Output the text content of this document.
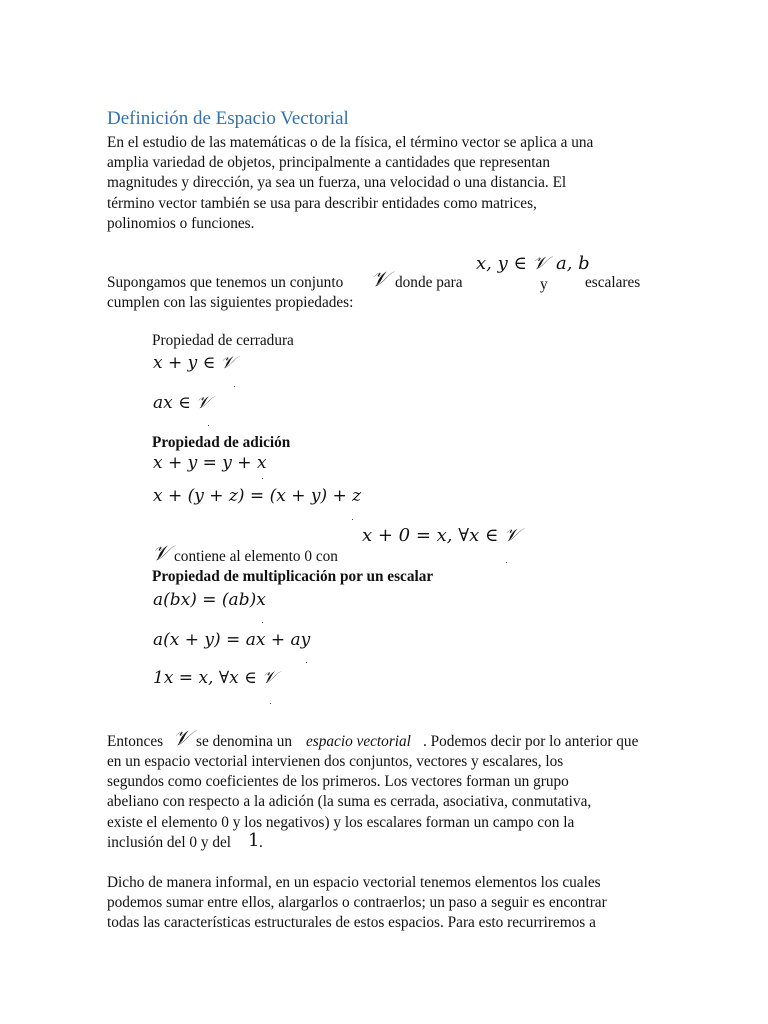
Definición de Espacio Vectorial
En el estudio de las matemáticas o de la física, el término vector se aplica a una
amplia variedad de objetos, principalmente a cantidades que representan
magnitudes y dirección, ya sea un fuerza, una velocidad o una distancia. El
término vector también se usa para describir entidades como matrices,
polinomios o funciones.
Supongamos que tenemos un conjunto 𝒱 donde para
x, y ∈ 𝒱
y
a, b
escalares
cumplen con las siguientes propiedades:
Propiedad de cerradura
x + y ∈ 𝒱
ax ∈ 𝒱
Propiedad de adición
x + y = y + x
x + (y + z) = (x + y) + z
x + 0 = x, ∀x ∈ 𝒱
𝒱 contiene al elemento 0 con
Propiedad de multiplicación por un escalar
a(bx) = (ab)x
a(x + y) = ax + ay
1x = x, ∀x ∈ 𝒱
Entonces 𝒱 se denomina un espacio vectorial . Podemos decir por lo anterior que
en un espacio vectorial intervienen dos conjuntos, vectores y escalares, los
segundos como coeficientes de los primeros. Los vectores forman un grupo
abeliano con respecto a la adición (la suma es cerrada, asociativa, conmutativa,
existe el elemento 0 y los negativos) y los escalares forman un campo con la
inclusión del 0 y del 1 .
Dicho de manera informal, en un espacio vectorial tenemos elementos los cuales
podemos sumar entre ellos, alargarlos o contraerlos; un paso a seguir es encontrar
todas las características estructurales de estos espacios. Para esto recurriremos a
